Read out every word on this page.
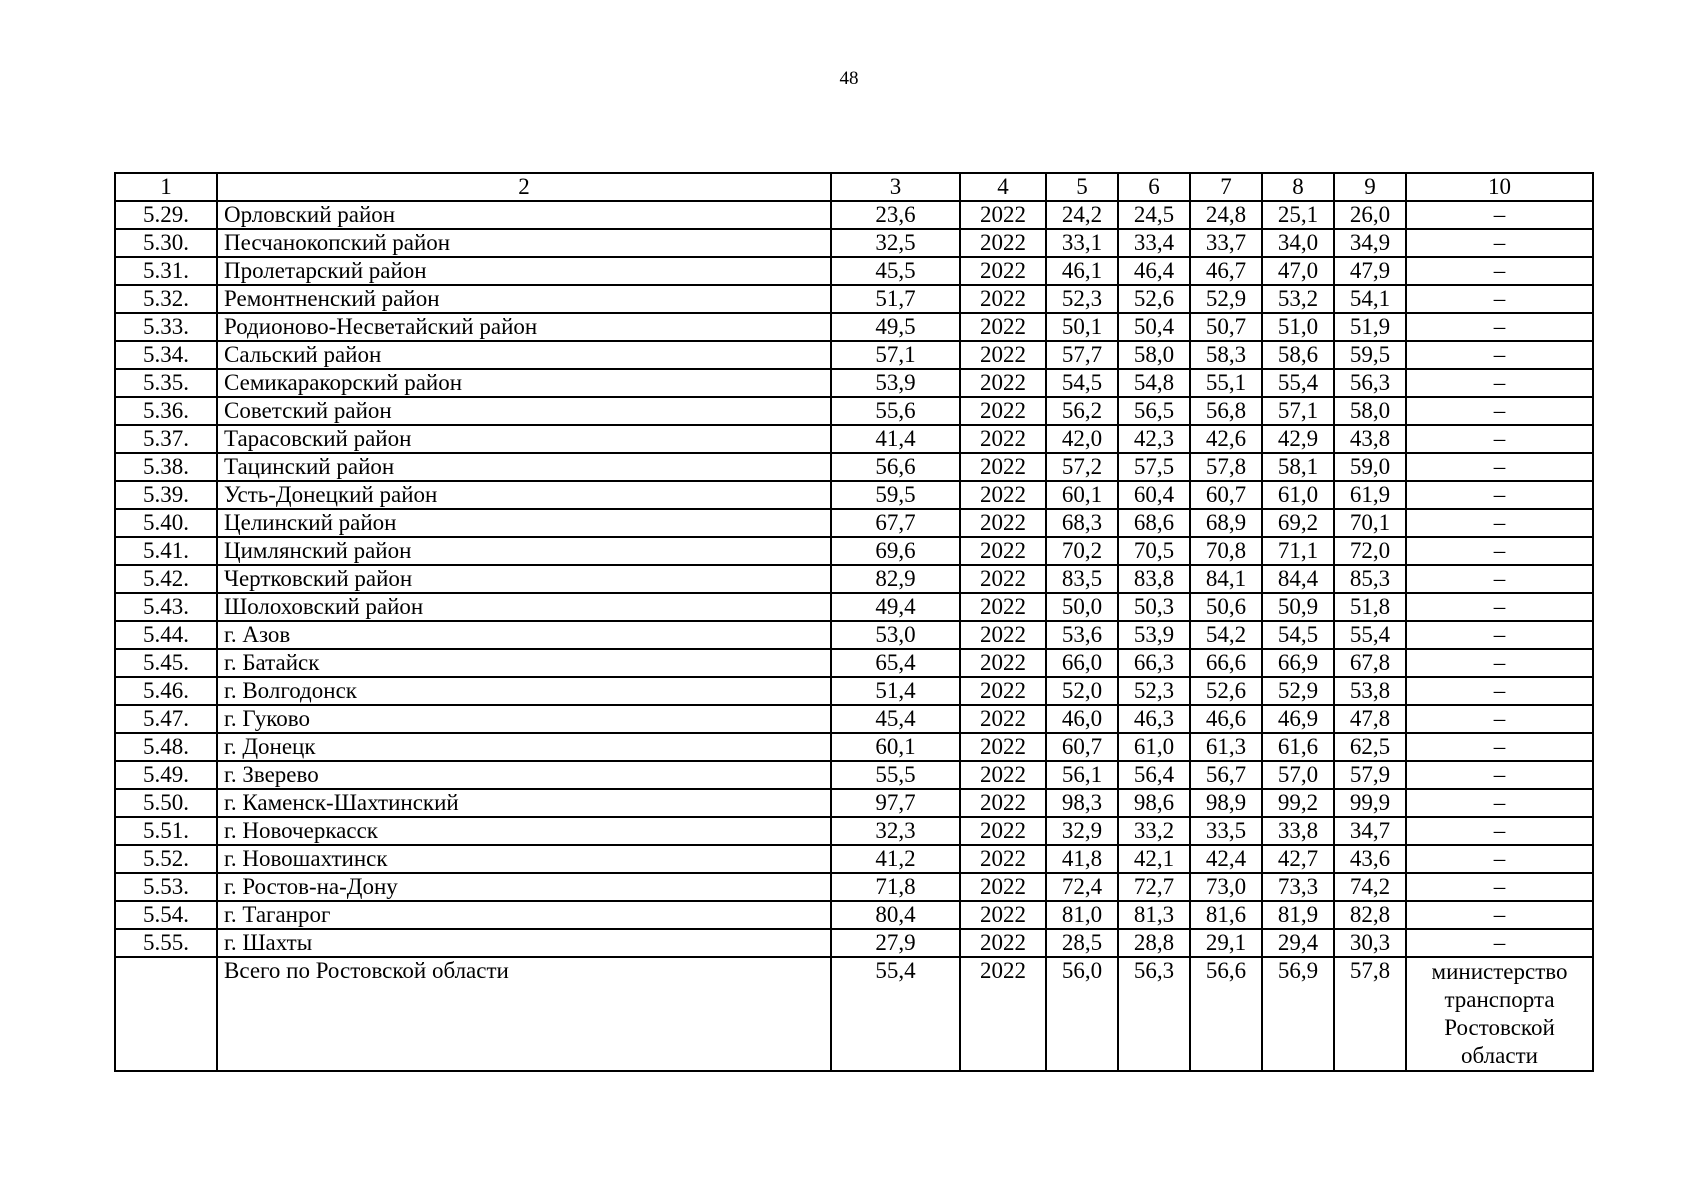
48
1	2	3	4	5	6	7	8	9	10
5.29.	Орловский район	23,6	2022	24,2	24,5	24,8	25,1	26,0	–
5.30.	Песчанокопский район	32,5	2022	33,1	33,4	33,7	34,0	34,9	–
5.31.	Пролетарский район	45,5	2022	46,1	46,4	46,7	47,0	47,9	–
5.32.	Ремонтненский район	51,7	2022	52,3	52,6	52,9	53,2	54,1	–
5.33.	Родионово-Несветайский район	49,5	2022	50,1	50,4	50,7	51,0	51,9	–
5.34.	Сальский район	57,1	2022	57,7	58,0	58,3	58,6	59,5	–
5.35.	Семикаракорский район	53,9	2022	54,5	54,8	55,1	55,4	56,3	–
5.36.	Советский район	55,6	2022	56,2	56,5	56,8	57,1	58,0	–
5.37.	Тарасовский район	41,4	2022	42,0	42,3	42,6	42,9	43,8	–
5.38.	Тацинский район	56,6	2022	57,2	57,5	57,8	58,1	59,0	–
5.39.	Усть-Донецкий район	59,5	2022	60,1	60,4	60,7	61,0	61,9	–
5.40.	Целинский район	67,7	2022	68,3	68,6	68,9	69,2	70,1	–
5.41.	Цимлянский район	69,6	2022	70,2	70,5	70,8	71,1	72,0	–
5.42.	Чертковский район	82,9	2022	83,5	83,8	84,1	84,4	85,3	–
5.43.	Шолоховский район	49,4	2022	50,0	50,3	50,6	50,9	51,8	–
5.44.	г. Азов	53,0	2022	53,6	53,9	54,2	54,5	55,4	–
5.45.	г. Батайск	65,4	2022	66,0	66,3	66,6	66,9	67,8	–
5.46.	г. Волгодонск	51,4	2022	52,0	52,3	52,6	52,9	53,8	–
5.47.	г. Гуково	45,4	2022	46,0	46,3	46,6	46,9	47,8	–
5.48.	г. Донецк	60,1	2022	60,7	61,0	61,3	61,6	62,5	–
5.49.	г. Зверево	55,5	2022	56,1	56,4	56,7	57,0	57,9	–
5.50.	г. Каменск-Шахтинский	97,7	2022	98,3	98,6	98,9	99,2	99,9	–
5.51.	г. Новочеркасск	32,3	2022	32,9	33,2	33,5	33,8	34,7	–
5.52.	г. Новошахтинск	41,2	2022	41,8	42,1	42,4	42,7	43,6	–
5.53.	г. Ростов-на-Дону	71,8	2022	72,4	72,7	73,0	73,3	74,2	–
5.54.	г. Таганрог	80,4	2022	81,0	81,3	81,6	81,9	82,8	–
5.55.	г. Шахты	27,9	2022	28,5	28,8	29,1	29,4	30,3	–
	Всего по Ростовской области	55,4	2022	56,0	56,3	56,6	56,9	57,8	министерство транспорта Ростовской области
